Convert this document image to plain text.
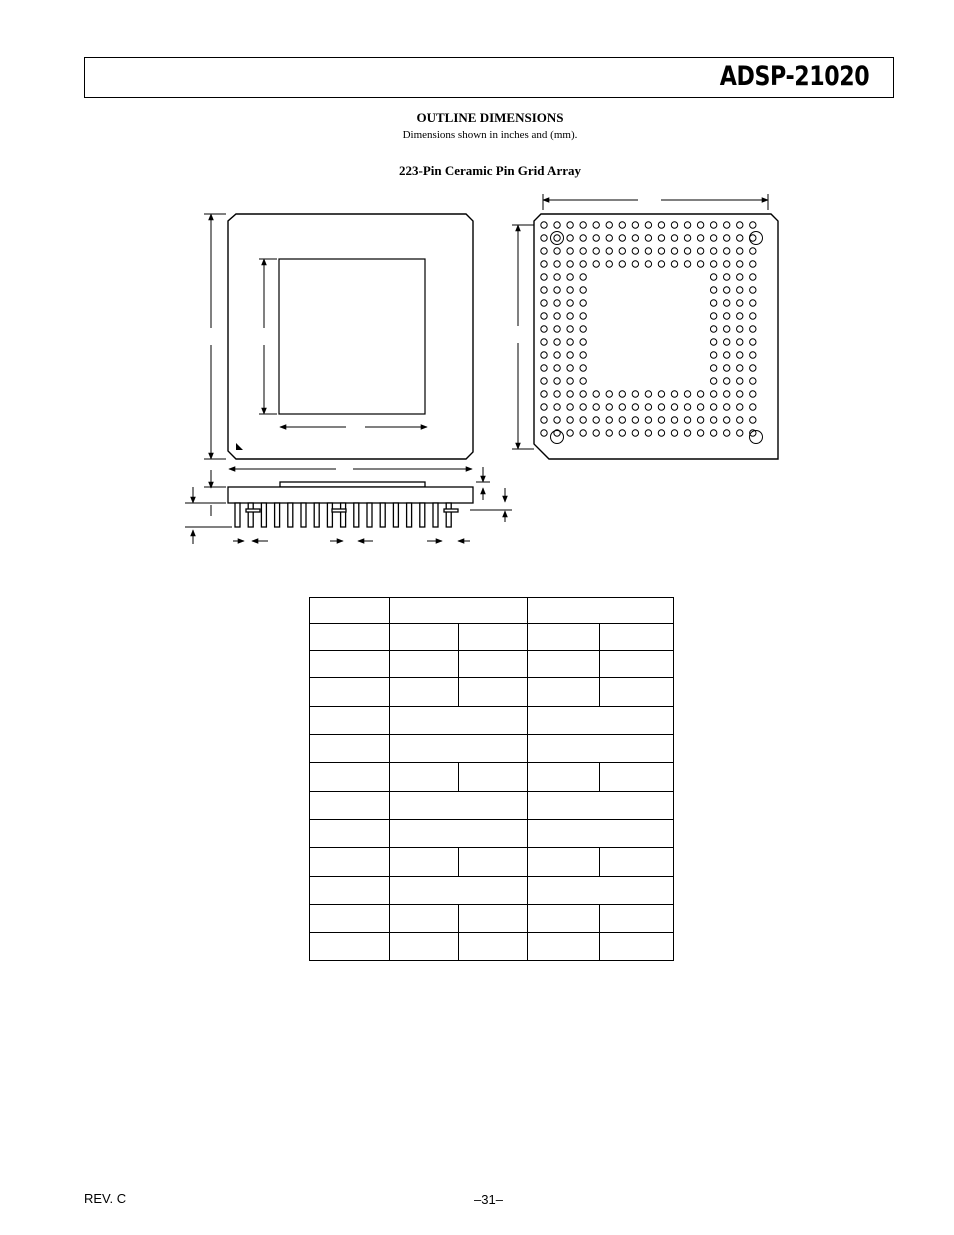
ADSP-21020
OUTLINE DIMENSIONS
Dimensions shown in inches and (mm).
223-Pin Ceramic Pin Grid Array

REV. C	–31–
